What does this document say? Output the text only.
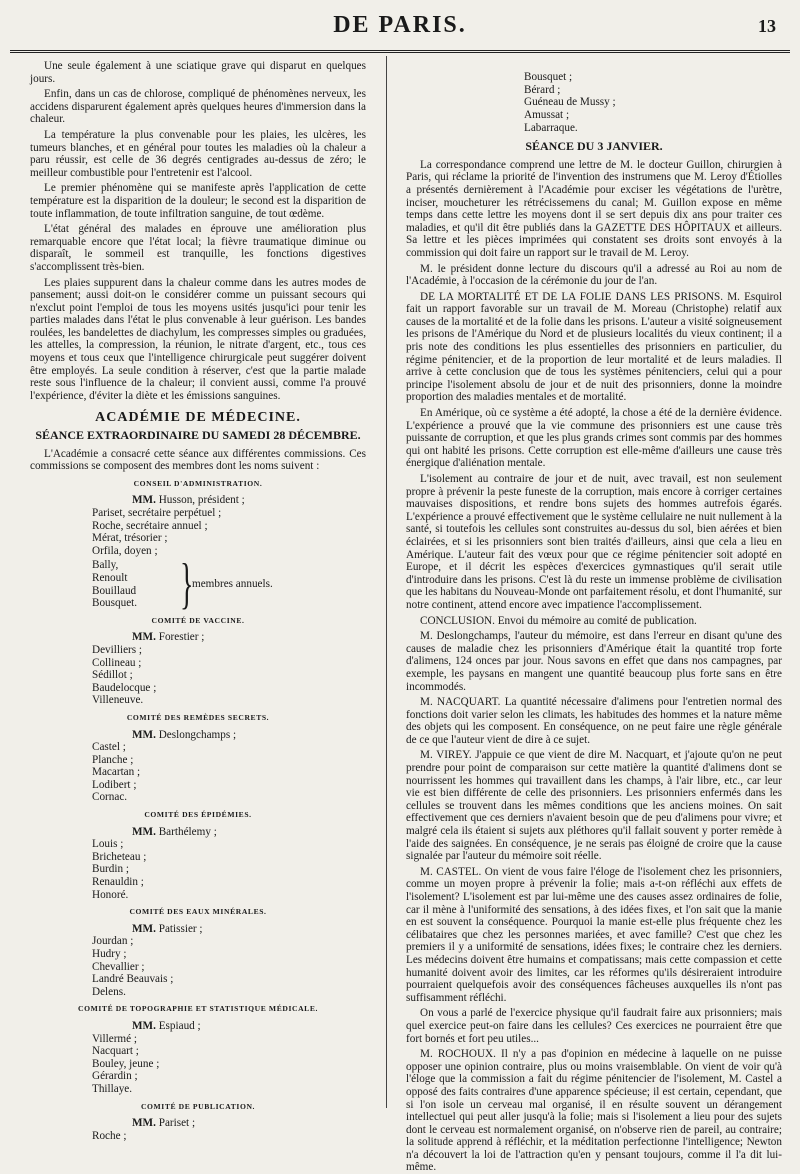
DE PARIS.	13

Une seule également à une sciatique grave qui disparut en quelques jours.

Enfin, dans un cas de chlorose, compliqué de phénomènes nerveux, les accidens disparurent également après quelques heures d'immersion dans la chaleur.

La température la plus convenable pour les plaies, les ulcères, les tumeurs blanches, et en général pour toutes les maladies où la chaleur a paru réussir, est celle de 36 degrés centigrades au-dessus de zéro; le meilleur combustible pour l'entretenir est l'alcool.

Le premier phénomène qui se manifeste après l'application de cette température est la disparition de la douleur; le second est la disparition de toute inflammation, de toute infiltration sanguine, de tout œdème.

L'état général des malades en éprouve une amélioration plus remarquable encore que l'état local; la fièvre traumatique diminue ou disparaît, le sommeil est tranquille, les fonctions digestives s'accomplissent très-bien.

Les plaies suppurent dans la chaleur comme dans les autres modes de pansement; aussi doit-on le considérer comme un puissant secours qui n'exclut point l'emploi de tous les moyens usités jusqu'ici pour tenir les parties malades dans l'état le plus convenable à leur guérison. Les bandes roulées, les bandelettes de diachylum, les compresses simples ou graduées, les attelles, la compression, la réunion, le nitrate d'argent, etc., tous ces moyens et tous ceux que l'intelligence chirurgicale peut suggérer doivent être employés. La seule condition à réserver, c'est que la partie malade reste sous l'influence de la chaleur; il convient aussi, comme l'a prouvé l'expérience, d'éviter la diète et les émissions sanguines.

ACADÉMIE DE MÉDECINE.
SÉANCE EXTRAORDINAIRE DU SAMEDI 28 DÉCEMBRE.

L'Académie a consacré cette séance aux différentes commissions. Ces commissions se composent des membres dont les noms suivent :

CONSEIL D'ADMINISTRATION.
MM. Husson, président ;
Pariset, secrétaire perpétuel ;
Roche, secrétaire annuel ;
Mérat, trésorier ;
Orfila, doyen ;
Bally,
Renoult
Bouillaud
Bousquet. }
membres annuels.
COMITÉ DE VACCINE.
MM. Forestier ;
Devilliers ;
Collineau ;
Sédillot ;
Baudelocque ;
Villeneuve.
COMITÉ DES REMÈDES SECRETS.
MM. Deslongchamps ;
Castel ;
Planche ;
Macartan ;
Lodibert ;
Cornac.
COMITÉ DES ÉPIDÉMIES.
MM. Barthélemy ;
Louis ;
Bricheteau ;
Burdin ;
Renauldin ;
Honoré.
COMITÉ DES EAUX MINÉRALES.
MM. Patissier ;
Jourdan ;
Hudry ;
Chevallier ;
Landré Beauvais ;
Delens.
COMITÉ DE TOPOGRAPHIE ET STATISTIQUE MÉDICALE.
MM. Espiaud ;
Villermé ;
Nacquart ;
Bouley, jeune ;
Gérardin ;
Thillaye.
COMITÉ DE PUBLICATION.
MM. Pariset ;
Roche ;
Bousquet ;
Bérard ;
Guéneau de Mussy ;
Amussat ;
Labarraque.
SÉANCE DU 3 JANVIER.

La correspondance comprend une lettre de M. le docteur Guillon, chirurgien à Paris, qui réclame la priorité de l'invention des instrumens que M. Leroy d'Étiolles a présentés dernièrement à l'Académie pour exciser les végétations de l'urètre, inciser, moucheturer les rétrécissemens du canal; M. Guillon expose en même temps dans cette lettre les moyens dont il se sert depuis dix ans pour traiter ces maladies, et qu'il dit être publiés dans la GAZETTE DES HÔPITAUX et ailleurs. Sa lettre et les pièces imprimées qui constatent ses droits sont envoyés à la commission qui doit faire un rapport sur le travail de M. Leroy.

M. le président donne lecture du discours qu'il a adressé au Roi au nom de l'Académie, à l'occasion de la cérémonie du jour de l'an.

DE LA MORTALITÉ ET DE LA FOLIE DANS LES PRISONS. M. Esquirol fait un rapport favorable sur un travail de M. Moreau (Christophe) relatif aux causes de la mortalité et de la folie dans les prisons. L'auteur a visité soigneusement les prisons de l'Amérique du Nord et de plusieurs localités du vieux continent; il a pris note des conditions les plus essentielles des prisonniers en particulier, du régime pénitencier, et de la proportion de leur mortalité et de leurs maladies. Il arrive à cette conclusion que de tous les systèmes pénitenciers, celui qui a pour principe l'isolement absolu de jour et de nuit des prisonniers, donne la moindre proportion des maladies mentales et de mortalité.

En Amérique, où ce système a été adopté, la chose a été de la dernière évidence. L'expérience a prouvé que la vie commune des prisonniers est une cause très puissante de corruption, et que les plus grands crimes sont commis par des hommes qui ont habité les prisons. Cette corruption est elle-même d'ailleurs une cause très énergique d'aliénation mentale.

L'isolement au contraire de jour et de nuit, avec travail, est non seulement propre à prévenir la peste funeste de la corruption, mais encore à corriger certaines mauvaises dispositions, et rendre bons sujets des hommes autrefois égarés. L'expérience a prouvé effectivement que le système cellulaire ne nuit nullement à la santé, si toutefois les cellules sont construites au-dessus du sol, bien aérées et bien éclairées, et si les prisonniers sont bien traités d'ailleurs, ainsi que cela a lieu en Amérique. L'auteur fait des vœux pour que ce régime pénitencier soit adopté en Europe, et il décrit les espèces d'exercices gymnastiques qu'il serait utile d'introduire dans les prisons. C'est là du reste un immense problème de civilisation que les habitans du Nouveau-Monde ont parfaitement résolu, et dont l'humanité, sur notre continent, attend encore avec impatience l'accomplissement.

CONCLUSION. Envoi du mémoire au comité de publication.

M. Deslongchamps, l'auteur du mémoire, est dans l'erreur en disant qu'une des causes de maladie chez les prisonniers d'Amérique était la quantité trop forte d'alimens, 124 onces par jour. Nous savons en effet que dans nos campagnes, par exemple, les paysans en mangent une quantité beaucoup plus forte sans en être incommodés.

M. NACQUART. La quantité nécessaire d'alimens pour l'entretien normal des fonctions doit varier selon les climats, les habitudes des hommes et la nature même des objets qui les composent. En conséquence, on ne peut faire une règle générale de ce que l'auteur vient de dire à ce sujet.

M. VIREY. J'appuie ce que vient de dire M. Nacquart, et j'ajoute qu'on ne peut prendre pour point de comparaison sur cette matière la quantité d'alimens dont se nourrissent les hommes qui travaillent dans les champs, à l'air libre, etc., car leur vie est bien différente de celle des prisonniers. Les prisonniers enfermés dans les cellules se trouvent dans les mêmes conditions que les anciens moines. On sait effectivement que ces derniers n'avaient besoin que de peu d'alimens pour vivre; et malgré cela ils étaient si sujets aux pléthores qu'il fallait souvent y porter remède à l'aide des saignées. En conséquence, je ne serais pas éloigné de croire que la cause signalée par l'auteur du mémoire soit réelle.

M. CASTEL. On vient de vous faire l'éloge de l'isolement chez les prisonniers, comme un moyen propre à prévenir la folie; mais a-t-on réfléchi aux effets de l'isolement? L'isolement est par lui-même une des causes assez ordinaires de folie, car il mène à l'uniformité des sensations, à des idées fixes, et l'on sait que la manie en est souvent la conséquence. Pourquoi la manie est-elle plus fréquente chez les célibataires que chez les personnes mariées, et avec famille? C'est que chez les premiers il y a uniformité de sensations, idées fixes; le contraire chez les derniers. Les médecins doivent être humains et compatissans; mais cette compassion et cette humanité doivent avoir des limites, car les réformes qu'ils désireraient introduire pourraient quelquefois avoir des conséquences fâcheuses auxquelles ils n'ont pas suffisamment réfléchi.

On vous a parlé de l'exercice physique qu'il faudrait faire aux prisonniers; mais quel exercice peut-on faire dans les cellules? Ces exercices ne pourraient être que fort bornés et fort peu utiles...

M. ROCHOUX. Il n'y a pas d'opinion en médecine à laquelle on ne puisse opposer une opinion contraire, plus ou moins vraisemblable. On vient de voir qu'à l'éloge que la commission a fait du régime pénitencier de l'isolement, M. Castel a opposé des faits contraires d'une apparence spécieuse; il est certain, cependant, que si l'on isole un cerveau mal organisé, il en résulte souvent un dérangement intellectuel qui peut aller jusqu'à la folie; mais si l'isolement a lieu pour des sujets dont le cerveau est normalement organisé, on n'observe rien de pareil, au contraire; la solitude apprend à réfléchir, et la méditation perfectionne l'intelligence; Newton n'a découvert la loi de l'attraction qu'en y pensant toujours, comme il l'a dit lui-même.
